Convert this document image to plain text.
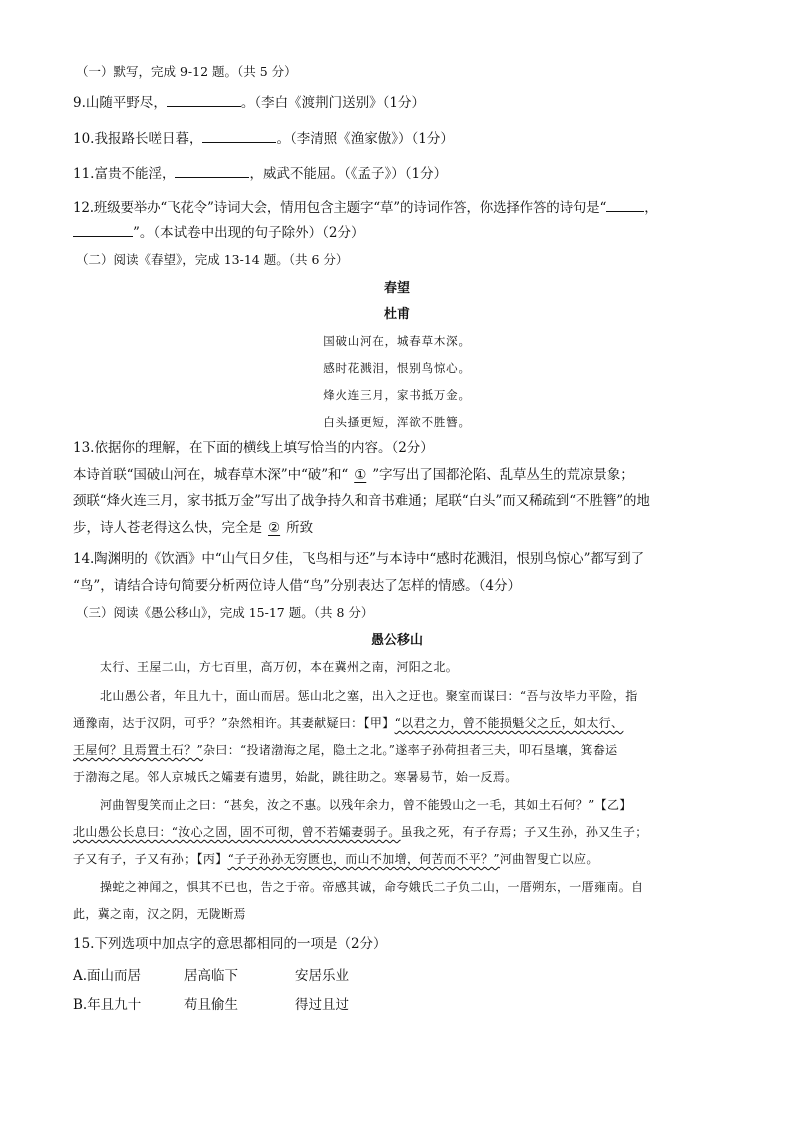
（一）默写，完成 9-12 题。（共 5 分）
9.山随平野尽，	。（李白《渡荆门送别》（1分）
10.我报路长嗟日暮，	。（李清照《渔家傲》）（1分）
11.富贵不能淫，	，威武不能屈。（《孟子》）（1分）
12.班级要举办“飞花令”诗词大会，情用包含主题字“草”的诗词作答，你选择作答的诗句是“	，
”。（本试卷中出现的句子除外）（2分）
（二）阅读《春望》，完成 13-14 题。（共 6 分）
春望
杜甫
国破山河在，城春草木深。
感时花溅泪，恨别鸟惊心。
烽火连三月，家书抵万金。
白头搔更短，浑欲不胜簪。
13.依据你的理解，在下面的横线上填写恰当的内容。（2分）
本诗首联“国破山河在，城春草木深”中“破”和“ ① ”字写出了国都沦陷、乱草丛生的荒凉景象；
颈联“烽火连三月，家书抵万金”写出了战争持久和音书难通；尾联“白头”而又稀疏到“不胜簪”的地
步，诗人苍老得这么快，完全是 ② 所致
14.陶渊明的《饮酒》中“山气日夕佳，飞鸟相与还”与本诗中“感时花溅泪，恨别鸟惊心”都写到了
“鸟”，请结合诗句简要分析两位诗人借“鸟”分别表达了怎样的情感。（4分）
（三）阅读《愚公移山》，完成 15-17 题。（共 8 分）
愚公移山
太行、王屋二山，方七百里，高万仞，本在冀州之南，河阳之北。
北山愚公者，年且九十，面山而居。惩山北之塞，出入之迂也。聚室而谋曰：“吾与汝毕力平险，指
通豫南，达于汉阴，可乎？”杂然相许。其妻献疑曰：【甲】“以君之力，曾不能损魁父之丘，如太行、
王屋何？且焉置土石？”杂曰：“投诸渤海之尾，隐土之北。”遂率子孙荷担者三夫，叩石垦壤，箕畚运
于渤海之尾。邻人京城氏之孀妻有遗男，始龀，跳往助之。寒暑易节，始一反焉。
河曲智叟笑而止之曰：“甚矣，汝之不惠。以残年余力，曾不能毁山之一毛，其如土石何？”【乙】
北山愚公长息曰：“汝心之固，固不可彻，曾不若孀妻弱子。虽我之死，有子存焉；子又生孙，孙又生子；
子又有子，子又有孙；【丙】“子子孙孙无穷匮也，而山不加增，何苦而不平？”河曲智叟亡以应。
操蛇之神闻之，惧其不已也，告之于帝。帝感其诚，命夸娥氏二子负二山，一厝朔东，一厝雍南。自
此，冀之南，汉之阴，无陇断焉
15.下列选项中加点字的意思都相同的一项是（2分）
A.面山而居	居高临下	安居乐业
B.年且九十	苟且偷生	得过且过
